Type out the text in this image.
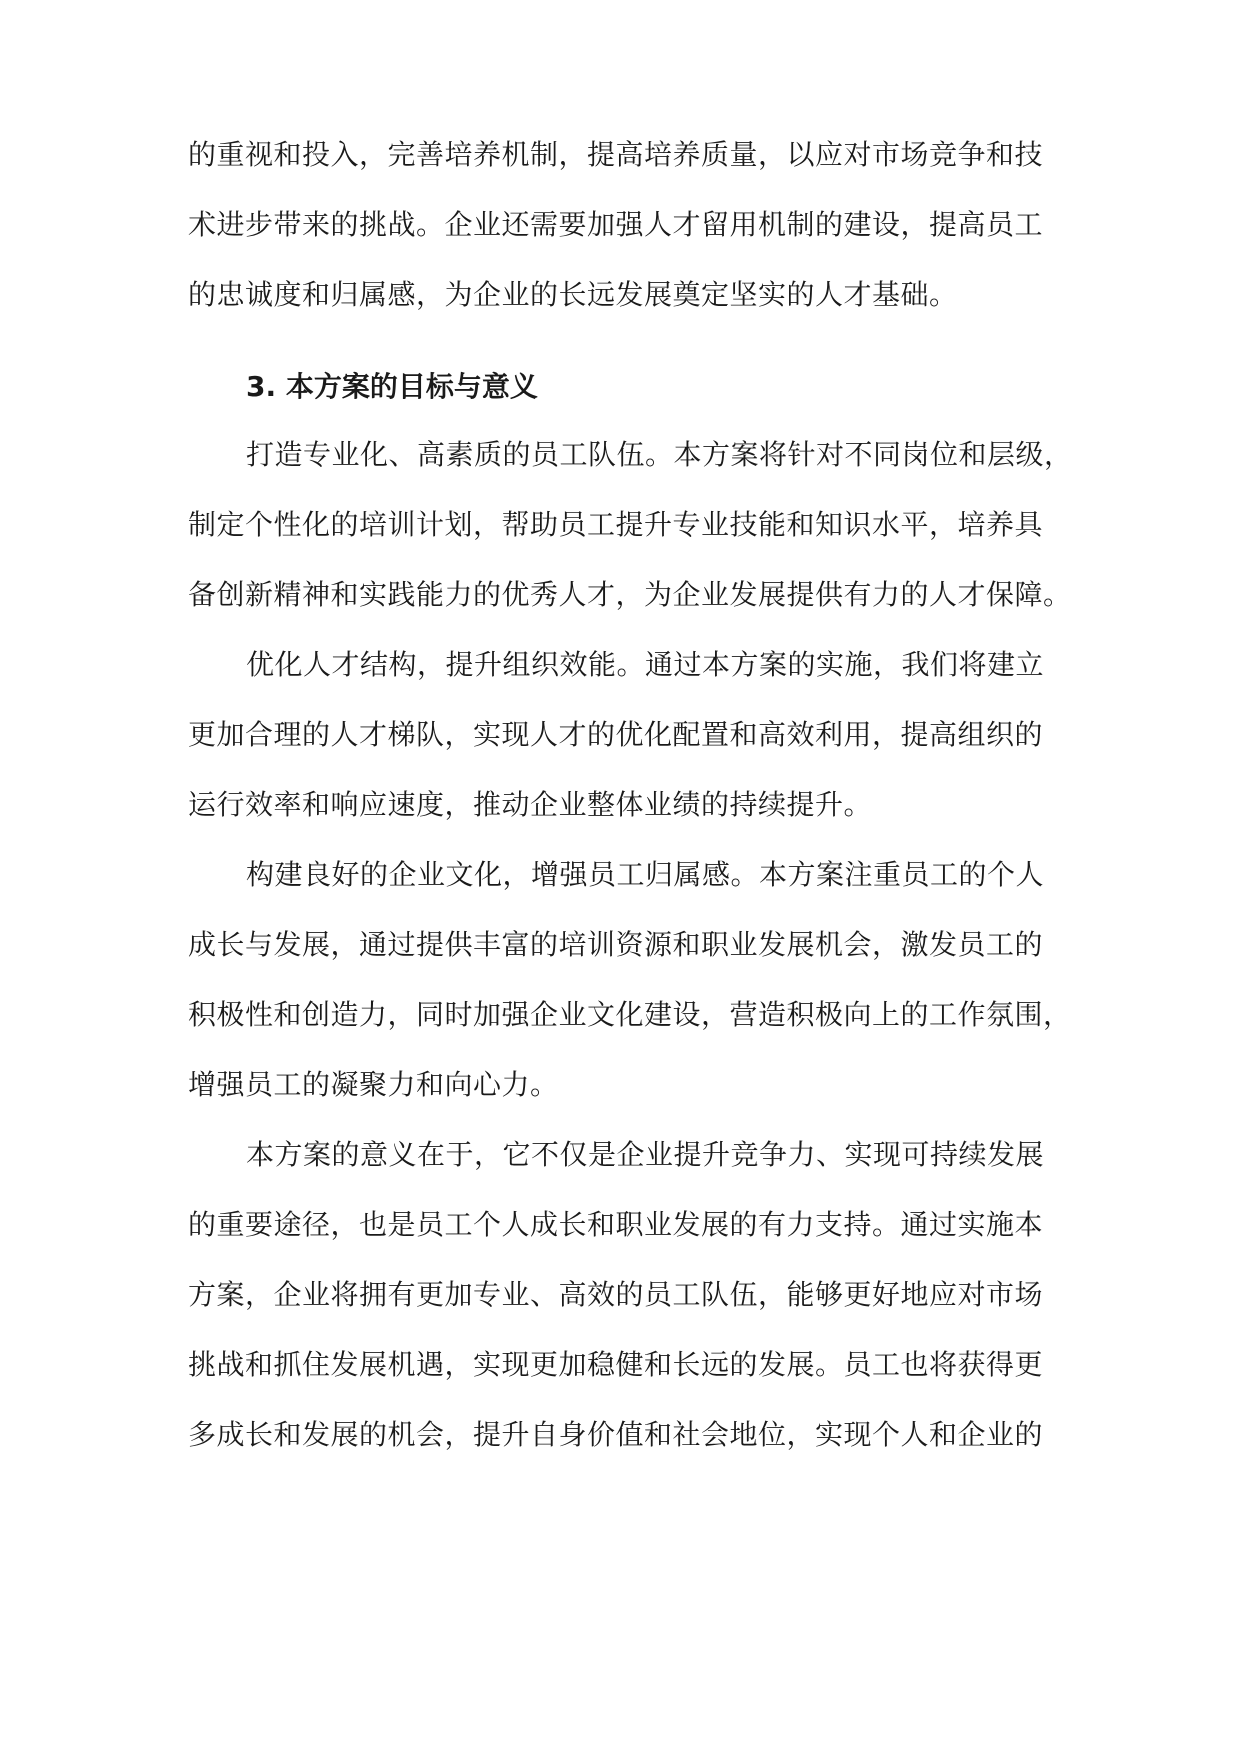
的重视和投入，完善培养机制，提高培养质量，以应对市场竞争和技
术进步带来的挑战。企业还需要加强人才留用机制的建设，提高员工
的忠诚度和归属感，为企业的长远发展奠定坚实的人才基础。
3. 本方案的目标与意义
打造专业化、高素质的员工队伍。本方案将针对不同岗位和层级，
制定个性化的培训计划，帮助员工提升专业技能和知识水平，培养具
备创新精神和实践能力的优秀人才，为企业发展提供有力的人才保障。
优化人才结构，提升组织效能。通过本方案的实施，我们将建立
更加合理的人才梯队，实现人才的优化配置和高效利用，提高组织的
运行效率和响应速度，推动企业整体业绩的持续提升。
构建良好的企业文化，增强员工归属感。本方案注重员工的个人
成长与发展，通过提供丰富的培训资源和职业发展机会，激发员工的
积极性和创造力，同时加强企业文化建设，营造积极向上的工作氛围，
增强员工的凝聚力和向心力。
本方案的意义在于，它不仅是企业提升竞争力、实现可持续发展
的重要途径，也是员工个人成长和职业发展的有力支持。通过实施本
方案，企业将拥有更加专业、高效的员工队伍，能够更好地应对市场
挑战和抓住发展机遇，实现更加稳健和长远的发展。员工也将获得更
多成长和发展的机会，提升自身价值和社会地位，实现个人和企业的
